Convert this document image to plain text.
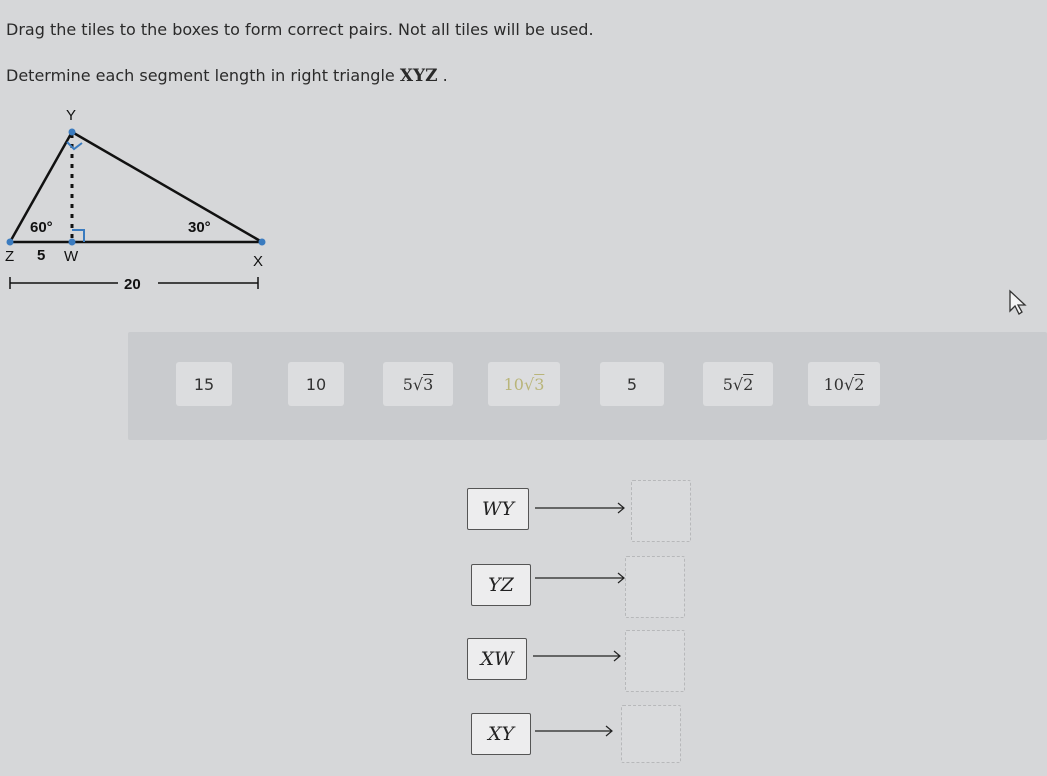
Drag the tiles to the boxes to form correct pairs. Not all tiles will be used.
Determine each segment length in right triangle XYZ .
Y
60°	30°
Z 5 W	X
20
15	10	5√3	10√3	5	5√2	10√2
WY
YZ
XW
XY
